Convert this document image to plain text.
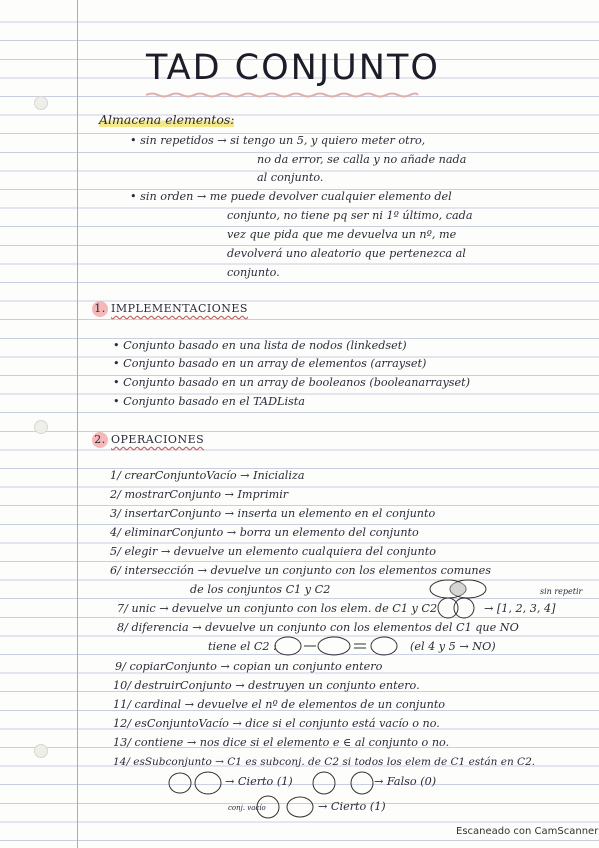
TAD CONJUNTO
Almacena elementos:
• sin repetidos → si tengo un 5, y quiero meter otro,
no da error, se calla y no añade nada
al conjunto.
• sin orden → me puede devolver cualquier elemento del
conjunto, no tiene pq ser ni 1º último, cada
vez que pida que me devuelva un nº, me
devolverá uno aleatorio que pertenezca al
conjunto.
1. IMPLEMENTACIONES
• Conjunto basado en una lista de nodos (linkedset)
• Conjunto basado en un array de elementos (arrayset)
• Conjunto basado en un array de booleanos (booleanarrayset)
• Conjunto basado en el TADLista
2. OPERACIONES
1/ crearConjuntoVacío → Inicializa
2/ mostrarConjunto → Imprimir
3/ insertarConjunto → inserta un elemento en el conjunto
4/ eliminarConjunto → borra un elemento del conjunto
5/ elegir → devuelve un elemento cualquiera del conjunto
6/ intersección → devuelve un conjunto con los elementos comunes
de los conjuntos C1 y C2	sin repetir
7/ unic → devuelve un conjunto con los elem. de C1 y C2	→ [1, 2, 3, 4]
8/ diferencia → devuelve un conjunto con los elementos del C1 que NO
tiene el C2 :	(el 4 y 5 → NO)
9/ copiarConjunto → copian un conjunto entero
10/ destruirConjunto → destruyen un conjunto entero.
11/ cardinal → devuelve el nº de elementos de un conjunto
12/ esConjuntoVacío → dice si el conjunto está vacío o no.
13/ contiene → nos dice si el elemento e ∈ al conjunto o no.
14/ esSubconjunto → C1 es subconj. de C2 si todos los elem de C1 están en C2.
→ Cierto (1)	→ Falso (0)
conj. vacío	→ Cierto (1)
Escaneado con CamScanner
